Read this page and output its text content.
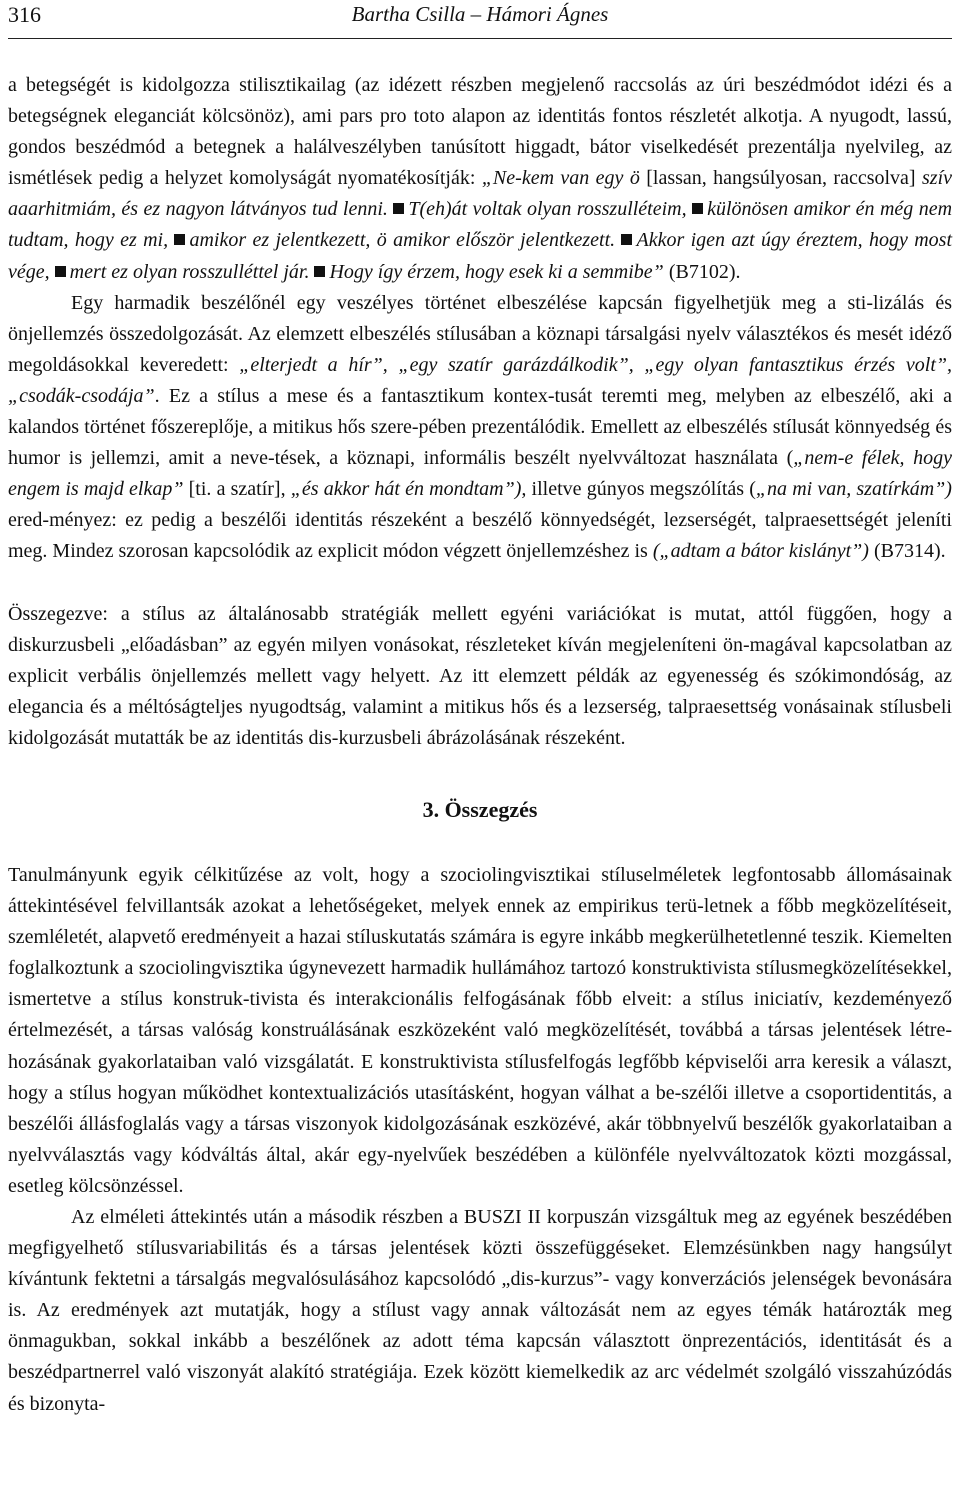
316	Bartha Csilla – Hámori Ágnes

a betegségét is kidolgozza stilisztikailag (az idézett részben megjelenő raccsolás az úri beszédmódot idézi és a betegségnek eleganciát kölcsönöz), ami pars pro toto alapon az identitás fontos részletét alkotja. A nyugodt, lassú, gondos beszédmód a betegnek a halálveszélyben tanúsított higgadt, bátor viselkedését prezentálja nyelvileg, az ismétlések pedig a helyzet komolyságát nyomatékosítják: „Ne-kem van egy ö [lassan, hangsúlyosan, raccsolva] szív aaarhitmiám, és ez nagyon látványos tud lenni. T(eh)át voltak olyan rosszulléteim, különösen amikor én még nem tudtam, hogy ez mi, amikor ez jelentkezett, ö amikor először jelentkezett. Akkor igen azt úgy éreztem, hogy most vége, mert ez olyan rosszulléttel jár. Hogy így érzem, hogy esek ki a semmibe” (B7102).

Egy harmadik beszélőnél egy veszélyes történet elbeszélése kapcsán figyelhetjük meg a sti-lizálás és önjellemzés összedolgozását. Az elemzett elbeszélés stílusában a köznapi társalgási nyelv választékos és mesét idéző megoldásokkal keveredett: „elterjedt a hír”, „egy szatír garázdálkodik”, „egy olyan fantasztikus érzés volt”, „csodák-csodája”. Ez a stílus a mese és a fantasztikum kontex-tusát teremti meg, melyben az elbeszélő, aki a kalandos történet főszereplője, a mitikus hős szere-pében prezentálódik. Emellett az elbeszélés stílusát könnyedség és humor is jellemzi, amit a neve-tések, a köznapi, informális beszélt nyelvváltozat használata („nem-e félek, hogy engem is majd elkap” [ti. a szatír], „és akkor hát én mondtam”), illetve gúnyos megszólítás („na mi van, szatírkám”) ered-ményez: ez pedig a beszélői identitás részeként a beszélő könnyedségét, lezserségét, talpraesettségét jeleníti meg. Mindez szorosan kapcsolódik az explicit módon végzett önjellemzéshez is („adtam a bátor kislányt”) (B7314).

Összegezve: a stílus az általánosabb stratégiák mellett egyéni variációkat is mutat, attól függően, hogy a diskurzusbeli „előadásban” az egyén milyen vonásokat, részleteket kíván megjeleníteni ön-magával kapcsolatban az explicit verbális önjellemzés mellett vagy helyett. Az itt elemzett példák az egyenesség és szókimondóság, az elegancia és a méltóságteljes nyugodtság, valamint a mitikus hős és a lezserség, talpraesettség vonásainak stílusbeli kidolgozását mutatták be az identitás dis-kurzusbeli ábrázolásának részeként.

3. Összegzés

Tanulmányunk egyik célkitűzése az volt, hogy a szociolingvisztikai stíluselméletek legfontosabb állomásainak áttekintésével felvillantsák azokat a lehetőségeket, melyek ennek az empirikus terü-letnek a főbb megközelítéseit, szemléletét, alapvető eredményeit a hazai stíluskutatás számára is egyre inkább megkerülhetetlenné teszik. Kiemelten foglalkoztunk a szociolingvisztika úgynevezett harmadik hullámához tartozó konstruktivista stílusmegközelítésekkel, ismertetve a stílus konstruk-tivista és interakcionális felfogásának főbb elveit: a stílus iniciatív, kezdeményező értelmezését, a társas valóság konstruálásának eszközeként való megközelítését, továbbá a társas jelentések létre-hozásának gyakorlataiban való vizsgálatát. E konstruktivista stílusfelfogás legfőbb képviselői arra keresik a választ, hogy a stílus hogyan működhet kontextualizációs utasításként, hogyan válhat a be-szélői illetve a csoportidentitás, a beszélői állásfoglalás vagy a társas viszonyok kidolgozásának eszközévé, akár többnyelvű beszélők gyakorlataiban a nyelvválasztás vagy kódváltás által, akár egy-nyelvűek beszédében a különféle nyelvváltozatok közti mozgással, esetleg kölcsönzéssel.

Az elméleti áttekintés után a második részben a BUSZI II korpuszán vizsgáltuk meg az egyének beszédében megfigyelhető stílusvariabilitás és a társas jelentések közti összefüggéseket. Elemzésünkben nagy hangsúlyt kívántunk fektetni a társalgás megvalósulásához kapcsolódó „dis-kurzus”- vagy konverzációs jelenségek bevonására is. Az eredmények azt mutatják, hogy a stílust vagy annak változását nem az egyes témák határozták meg önmagukban, sokkal inkább a beszélőnek az adott téma kapcsán választott önprezentációs, identitását és a beszédpartnerrel való viszonyát alakító stratégiája. Ezek között kiemelkedik az arc védelmét szolgáló visszahúzódás és bizonyta-
